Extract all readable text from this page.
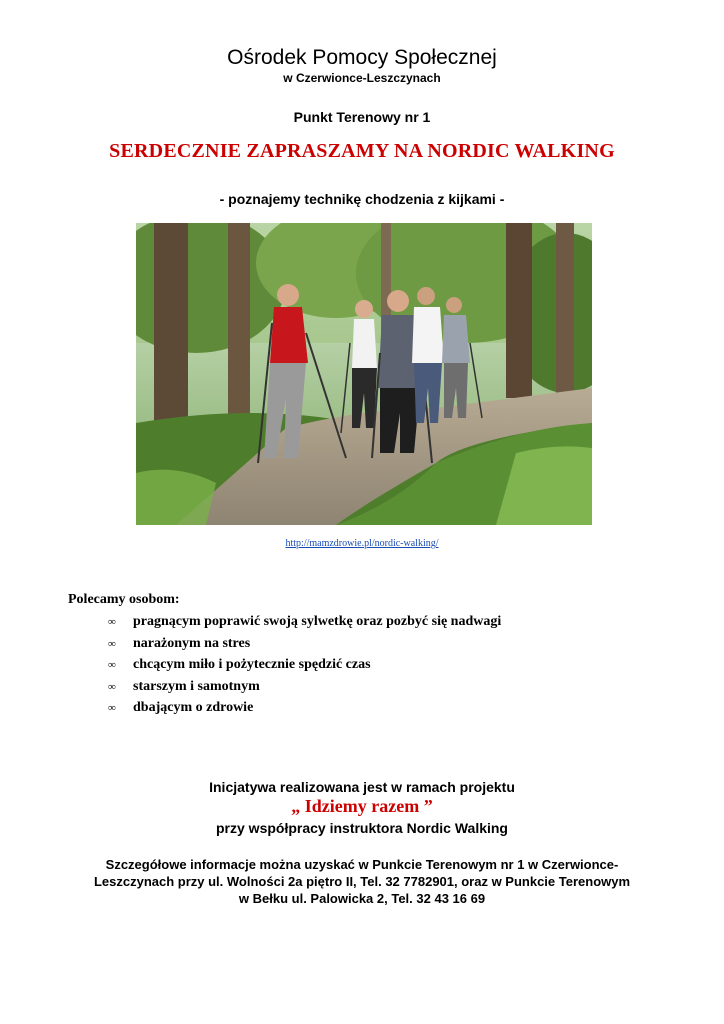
Ośrodek Pomocy Społecznej
w Czerwionce-Leszczynach
Punkt Terenowy nr 1
SERDECZNIE ZAPRASZAMY NA NORDIC WALKING
- poznajemy technikę chodzenia z kijkami -
http://mamzdrowie.pl/nordic-walking/
Polecamy osobom:
∞ pragnącym poprawić swoją sylwetkę oraz pozbyć się nadwagi
∞ narażonym na stres
∞ chcącym miło i pożytecznie spędzić czas
∞ starszym i samotnym
∞ dbającym o zdrowie
Inicjatywa realizowana jest w ramach projektu
„ Idziemy razem ”
przy współpracy instruktora Nordic Walking
Szczegółowe informacje można uzyskać w Punkcie Terenowym nr 1 w Czerwionce-
Leszczynach przy ul. Wolności 2a piętro II, Tel. 32 7782901, oraz w Punkcie Terenowym
w Bełku ul. Palowicka 2, Tel. 32 43 16 69
